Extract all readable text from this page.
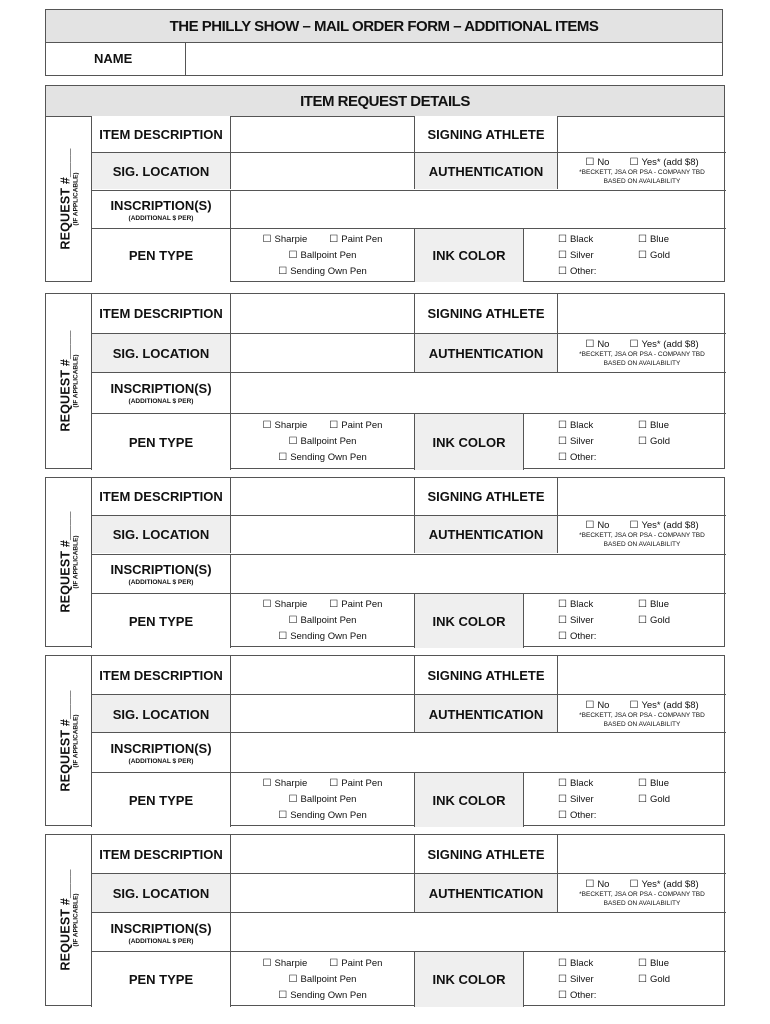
THE PHILLY SHOW – MAIL ORDER FORM – ADDITIONAL ITEMS
NAME
ITEM REQUEST DETAILS
REQUEST #____ (IF APPLICABLE)
ITEM DESCRIPTION	SIGNING ATHLETE
SIG. LOCATION	AUTHENTICATION
☐ No ☐ Yes* (add $8)
*BECKETT, JSA OR PSA - COMPANY TBD
BASED ON AVAILABILITY
INSCRIPTION(S)
(ADDITIONAL $ PER)
PEN TYPE
☐ Sharpie ☐ Paint Pen
☐ Ballpoint Pen
☐ Sending Own Pen
INK COLOR
☐ Black	☐ Blue
☐ Silver	☐ Gold
☐ Other:
REQUEST #____ (IF APPLICABLE)
ITEM DESCRIPTION	SIGNING ATHLETE
SIG. LOCATION	AUTHENTICATION
☐ No ☐ Yes* (add $8)
*BECKETT, JSA OR PSA - COMPANY TBD
BASED ON AVAILABILITY
INSCRIPTION(S)
(ADDITIONAL $ PER)
PEN TYPE
☐ Sharpie ☐ Paint Pen
☐ Ballpoint Pen
☐ Sending Own Pen
INK COLOR
☐ Black	☐ Blue
☐ Silver	☐ Gold
☐ Other:
REQUEST #____ (IF APPLICABLE)
ITEM DESCRIPTION	SIGNING ATHLETE
SIG. LOCATION	AUTHENTICATION
☐ No ☐ Yes* (add $8)
*BECKETT, JSA OR PSA - COMPANY TBD
BASED ON AVAILABILITY
INSCRIPTION(S)
(ADDITIONAL $ PER)
PEN TYPE
☐ Sharpie ☐ Paint Pen
☐ Ballpoint Pen
☐ Sending Own Pen
INK COLOR
☐ Black	☐ Blue
☐ Silver	☐ Gold
☐ Other:
REQUEST #____ (IF APPLICABLE)
ITEM DESCRIPTION	SIGNING ATHLETE
SIG. LOCATION	AUTHENTICATION
☐ No ☐ Yes* (add $8)
*BECKETT, JSA OR PSA - COMPANY TBD
BASED ON AVAILABILITY
INSCRIPTION(S)
(ADDITIONAL $ PER)
PEN TYPE
☐ Sharpie ☐ Paint Pen
☐ Ballpoint Pen
☐ Sending Own Pen
INK COLOR
☐ Black	☐ Blue
☐ Silver	☐ Gold
☐ Other:
REQUEST #____ (IF APPLICABLE)
ITEM DESCRIPTION	SIGNING ATHLETE
SIG. LOCATION	AUTHENTICATION
☐ No ☐ Yes* (add $8)
*BECKETT, JSA OR PSA - COMPANY TBD
BASED ON AVAILABILITY
INSCRIPTION(S)
(ADDITIONAL $ PER)
PEN TYPE
☐ Sharpie ☐ Paint Pen
☐ Ballpoint Pen
☐ Sending Own Pen
INK COLOR
☐ Black	☐ Blue
☐ Silver	☐ Gold
☐ Other:
